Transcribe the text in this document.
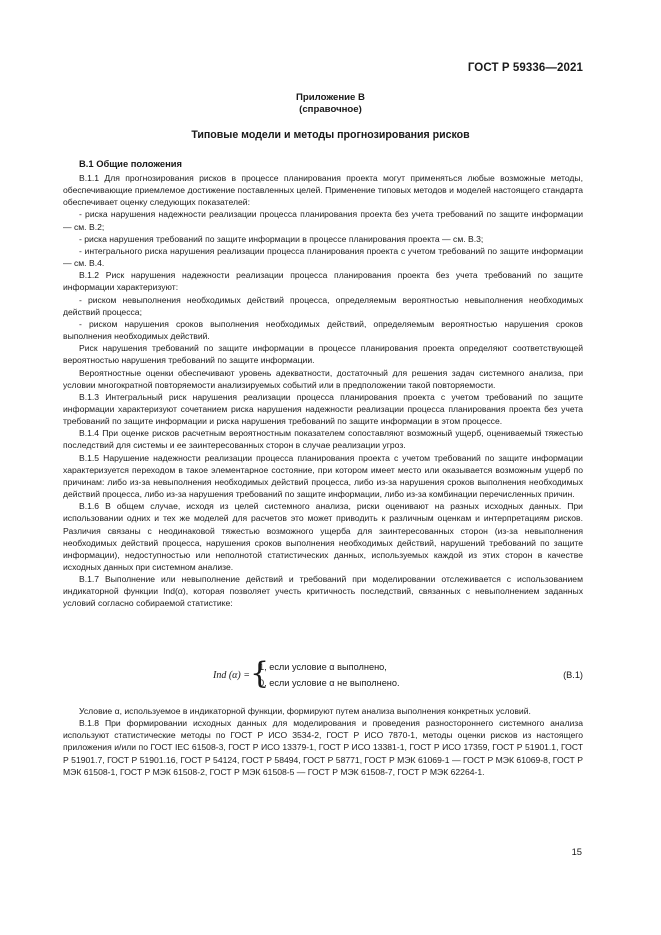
ГОСТ Р 59336—2021
Приложение В
(справочное)
Типовые модели и методы прогнозирования рисков
В.1 Общие положения

В.1.1 Для прогнозирования рисков в процессе планирования проекта могут применяться любые возможные методы, обеспечивающие приемлемое достижение поставленных целей. Применение типовых методов и моделей настоящего стандарта обеспечивает оценку следующих показателей:

- риска нарушения надежности реализации процесса планирования проекта без учета требований по защите информации — см. В.2;

- риска нарушения требований по защите информации в процессе планирования проекта — см. В.3;

- интегрального риска нарушения реализации процесса планирования проекта с учетом требований по защите информации — см. В.4.

В.1.2 Риск нарушения надежности реализации процесса планирования проекта без учета требований по защите информации характеризуют:

- риском невыполнения необходимых действий процесса, определяемым вероятностью невыполнения необходимых действий процесса;

- риском нарушения сроков выполнения необходимых действий, определяемым вероятностью нарушения сроков выполнения необходимых действий.

Риск нарушения требований по защите информации в процессе планирования проекта определяют соответствующей вероятностью нарушения требований по защите информации.

Вероятностные оценки обеспечивают уровень адекватности, достаточный для решения задач системного анализа, при условии многократной повторяемости анализируемых событий или в предположении такой повторяемости.

В.1.3 Интегральный риск нарушения реализации процесса планирования проекта с учетом требований по защите информации характеризуют сочетанием риска нарушения надежности реализации процесса планирования проекта без учета требований по защите информации и риска нарушения требований по защите информации в этом процессе.

В.1.4 При оценке рисков расчетным вероятностным показателем сопоставляют возможный ущерб, оцениваемый тяжестью последствий для системы и ее заинтересованных сторон в случае реализации угроз.

В.1.5 Нарушение надежности реализации процесса планирования проекта с учетом требований по защите информации характеризуется переходом в такое элементарное состояние, при котором имеет место или оказывается возможным ущерб по причинам: либо из-за невыполнения необходимых действий процесса, либо из-за нарушения сроков выполнения необходимых действий процесса, либо из-за нарушения требований по защите информации, либо из-за комбинации перечисленных причин.

В.1.6 В общем случае, исходя из целей системного анализа, риски оценивают на разных исходных данных. При использовании одних и тех же моделей для расчетов это может приводить к различным оценкам и интерпретациям рисков. Различия связаны с неодинаковой тяжестью возможного ущерба для заинтересованных сторон (из-за невыполнения необходимых действий процесса, нарушения сроков выполнения необходимых действий, нарушений требований по защите информации), недоступностью или неполнотой статистических данных, используемых каждой из этих сторон в качестве исходных данных при системном анализе.

В.1.7 Выполнение или невыполнение действий и требований при моделировании отслеживается с использованием индикаторной функции Ind(α), которая позволяет учесть критичность последствий, связанных с невыполнением заданных условий согласно собираемой статистике:

Ind (α) = {
1, если условие α выполнено,
0, если условие α не выполнено.
(В.1)

Условие α, используемое в индикаторной функции, формируют путем анализа выполнения конкретных условий.

В.1.8 При формировании исходных данных для моделирования и проведения разностороннего системного анализа используют статистические методы по ГОСТ Р ИСО 3534-2, ГОСТ Р ИСО 7870-1, методы оценки рисков из настоящего приложения и/или по ГОСТ IEC 61508-3, ГОСТ Р ИСО 13379-1, ГОСТ Р ИСО 13381-1, ГОСТ Р ИСО 17359, ГОСТ Р 51901.1, ГОСТ Р 51901.7, ГОСТ Р 51901.16, ГОСТ Р 54124, ГОСТ Р 58494, ГОСТ Р 58771, ГОСТ Р МЭК 61069-1 — ГОСТ Р МЭК 61069-8, ГОСТ Р МЭК 61508-1, ГОСТ Р МЭК 61508-2, ГОСТ Р МЭК 61508-5 — ГОСТ Р МЭК 61508-7, ГОСТ Р МЭК 62264-1.

15
